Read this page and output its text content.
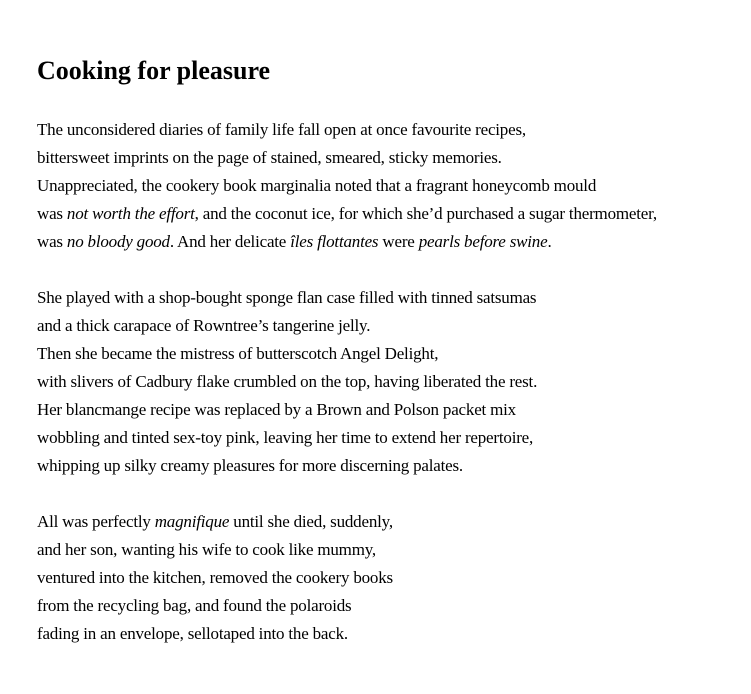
Cooking for pleasure
The unconsidered diaries of family life fall open at once favourite recipes,
bittersweet imprints on the page of stained, smeared, sticky memories.
Unappreciated, the cookery book marginalia noted that a fragrant honeycomb mould
was not worth the effort, and the coconut ice, for which she’d purchased a sugar thermometer,
was no bloody good. And her delicate îles flottantes were pearls before swine.
She played with a shop-bought sponge flan case filled with tinned satsumas
and a thick carapace of Rowntree’s tangerine jelly.
Then she became the mistress of butterscotch Angel Delight,
with slivers of Cadbury flake crumbled on the top, having liberated the rest.
Her blancmange recipe was replaced by a Brown and Polson packet mix
wobbling and tinted sex-toy pink, leaving her time to extend her repertoire,
whipping up silky creamy pleasures for more discerning palates.
All was perfectly magnifique until she died, suddenly,
and her son, wanting his wife to cook like mummy,
ventured into the kitchen, removed the cookery books
from the recycling bag, and found the polaroids
fading in an envelope, sellotaped into the back.
